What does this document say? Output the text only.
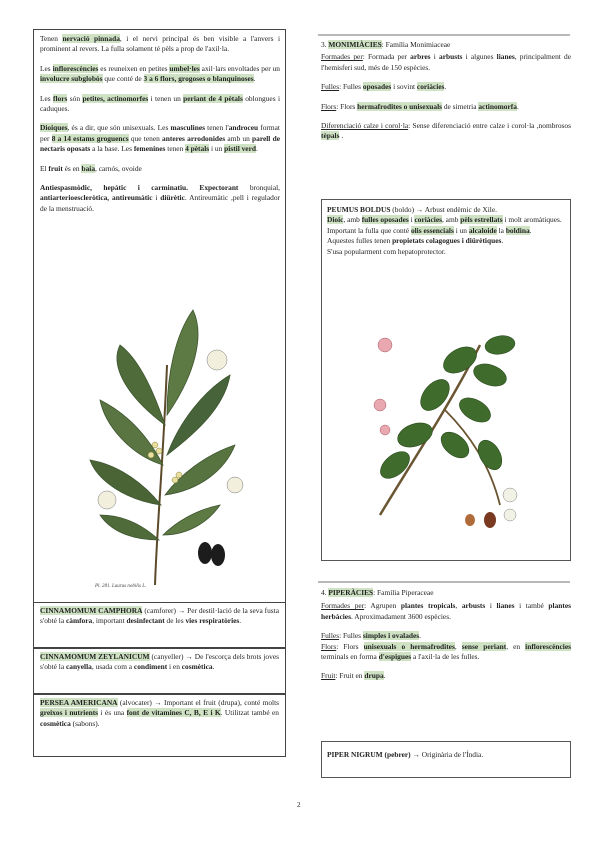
Tenen nervació pinnada, i el nervi principal és ben visible a l'anvers i prominent al revers. La fulla solament té pèls a prop de l'axil·la.

Les inflorescències es reuneixen en petites umbel·les axil·lars envoltades per un involucre subglobós que conté de 3 a 6 flors, grogoses o blanquinoses.

Les flors són petites, actinomorfes i tenen un periant de 4 pètals oblongues i caduques.

Dioiques, és a dir, que són unisexuals. Les masculines tenen l'androceu format per 8 a 14 estams groguencs que tenen anteres arrodonides amb un parell de nectaris oposats a la base. Les femenines tenen 4 pètals i un pistil verd.

El fruit és en baia, carnós, ovoide

Antiespasmòdic, hepàtic i carminatiu. Expectorant bronquial, antiarterioescleròtica, antireumàtic i diürètic. Antireumàtic ,pell i regulador de la menstruació.

Pl. 281. Laurus nobilis L.
CINNAMOMUM CAMPHORA (camforer) → Per destil·lació de la seva fusta s'obté la càmfora, important desinfectant de les vies respiratòries.
CINNAMOMUM ZEYLANICUM (canyeller) → De l'escorça dels brots joves s'obté la canyella, usada com a condiment i en cosmètica.
PERSEA AMERICANA (alvocater) → Important el fruit (drupa), conté molts greixos i nutrients i és una font de vitamines C, B, E i K. Utilitzat també en cosmètica (sabons).

3. MONIMIÀCIES: Família Monimiaceae

Formades per: Formada per arbres i arbusts i algunes lianes, principalment de l'hemisferi sud, més de 150 espècies.

Fulles: Fulles oposades i sovint coriàcies.

Flors: Flors hermafrodites o unisexuals de simetria actinomorfa.

Diferenciació calze i corol·la: Sense diferenciació entre calze i corol·la ,nombrosos tèpals .

PEUMUS BOLDUS (boldo) → Arbust endèmic de Xile.
Dioic, amb fulles oposades i coriàcies, amb pèls estrellats i molt aromàtiques.
Important la fulla que conté olis essencials i un alcaloide la boldina.
Aquestes fulles tenen propietats colagogues i diürètiques.
S'usa popularment com hepatoprotector.

4. PIPERÀCIES: Família Piperaceae

Formades per: Agrupen plantes tropicals, arbusts i lianes i també plantes herbàcies. Aproximadament 3600 espècies.

Fulles: Fulles simples i ovalades.
Flors: Flors unisexuals o hermafrodites, sense periant, en inflorescències terminals en forma d'espigues a l'axil·la de les fulles.

Fruit: Fruit en drupa.

PIPER NIGRUM (pebrer) → Originària de l'Índia.
2
